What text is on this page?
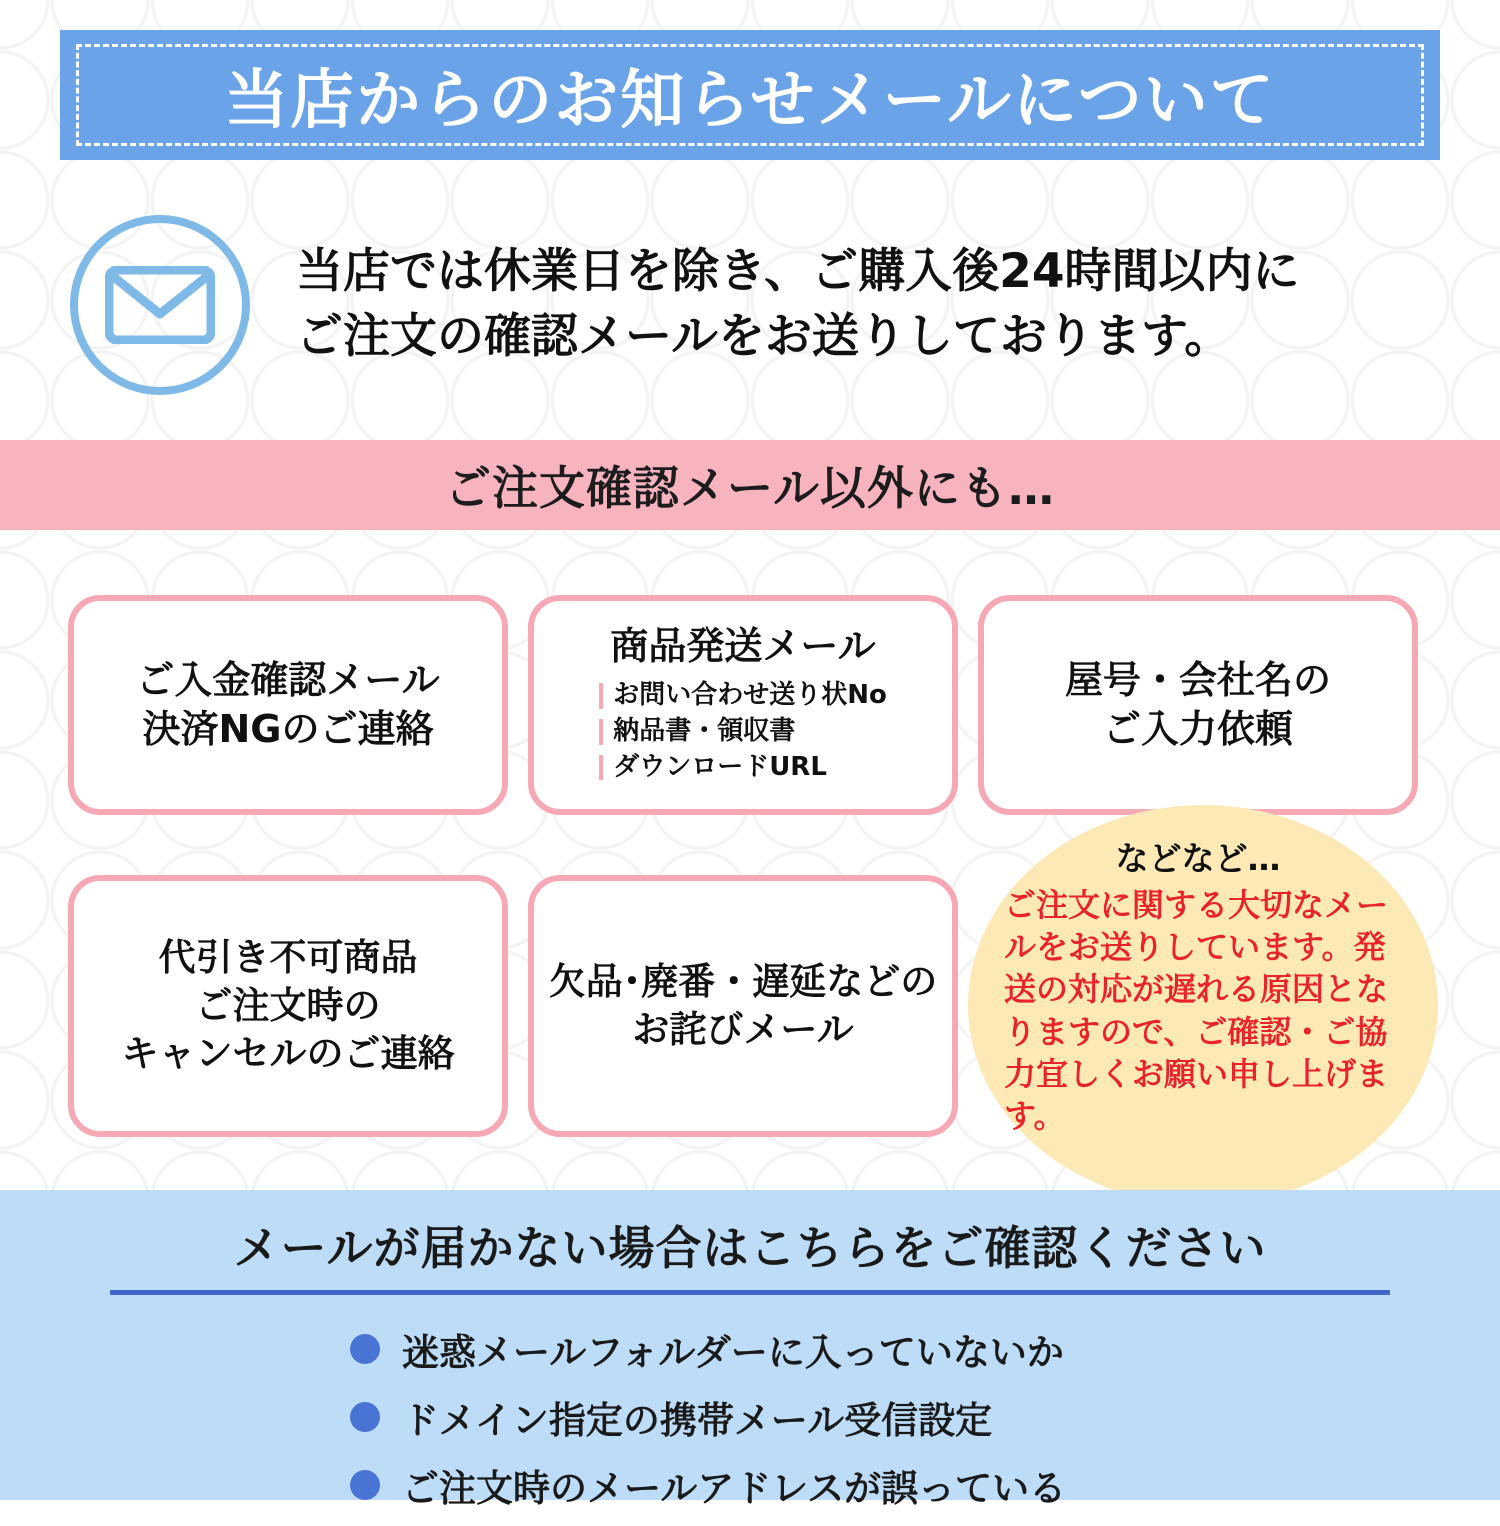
当店からのお知らせメールについて
当店では休業日を除き、ご購入後24時間以内に
ご注文の確認メールをお送りしております。
ご注文確認メール以外にも…
ご入金確認メール
決済NGのご連絡
商品発送メール
お問い合わせ送り状No
納品書・領収書
ダウンロードURL
屋号・会社名の
ご入力依頼
代引き不可商品
ご注文時の
キャンセルのご連絡
欠品･廃番・遅延などの
お詫びメール
などなど…
ご注文に関する大切なメールをお送りしています。発送の対応が遅れる原因となりますので、ご確認・ご協力宜しくお願い申し上げます。
メールが届かない場合はこちらをご確認ください
迷惑メールフォルダーに入っていないか
ドメイン指定の携帯メール受信設定
ご注文時のメールアドレスが誤っている
